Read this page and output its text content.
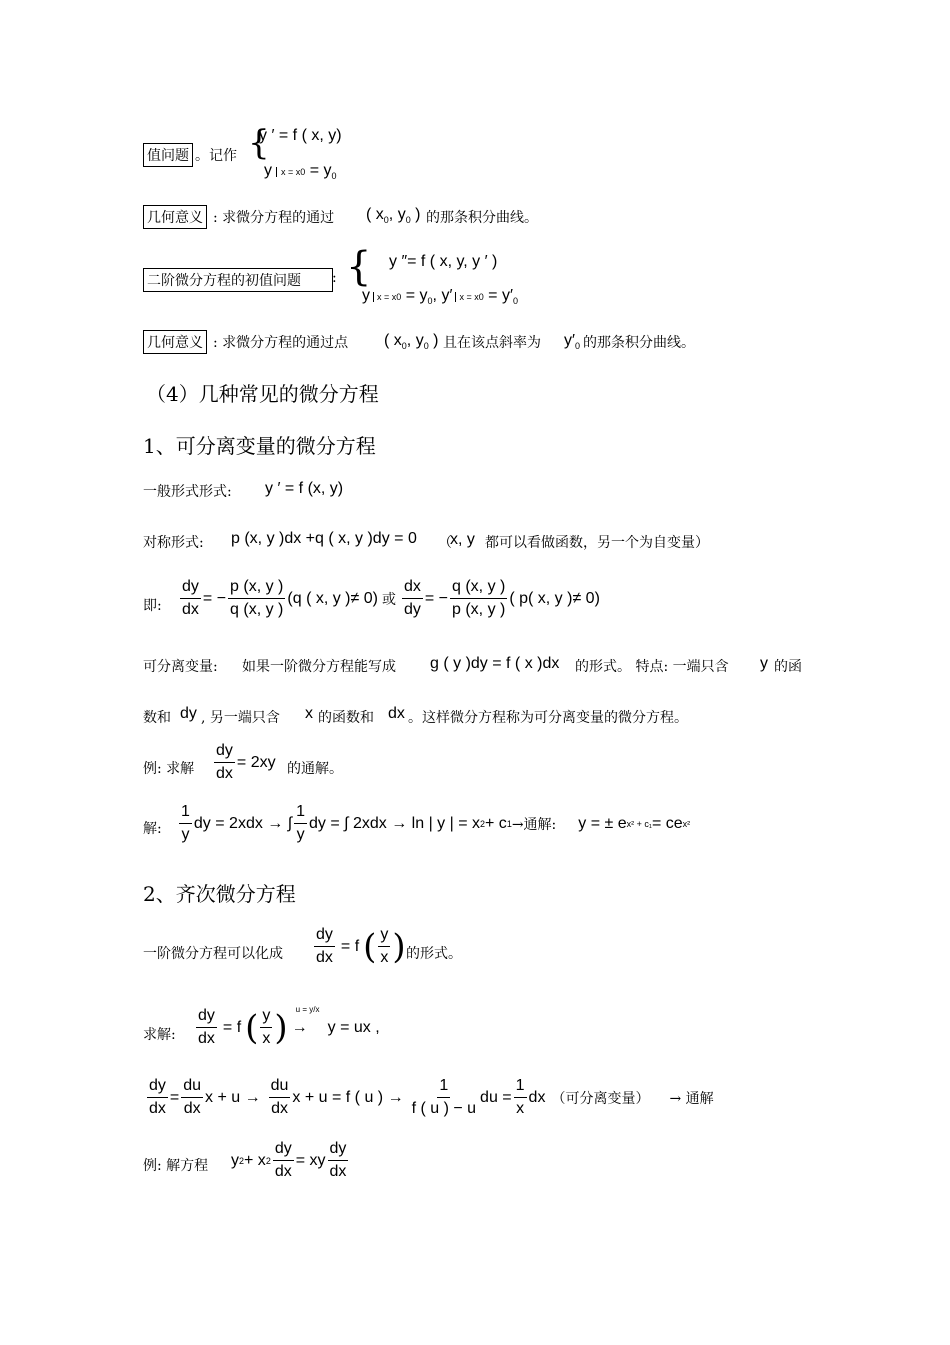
值问题 。记作 {
y ′ = f ( x, y)
y $x = x0 = y_0$
几何意义 : 求微分方程的通过 ( $x_0$, $y_0$ ) 的那条积分曲线。
二阶微分方程的初值问题	: { y ″= f ( x, y, y ′ )
yx = $x0 = y_0$, y′ $x = x0 = y'_0$
几何意义 : 求微分方程的通过点 ( $x_0$, $y_0$ ) 且在该点斜率为 $y'_0$ 的那条积分曲线。
（4）几种常见的微分方程
1、可分离变量的微分方程
一般形式形式: y ′ = f (x, y)
对称形式: p (x, y )dx +q ( x, y )dy = 0 （
x, y 都可以看做函数，另一个为自变量）
即: $\frac{dy}{dx}$ = − $\frac{p (x, y )}{q (x, y )} (q$ ( x, y )≠ 0) 或 $\frac{dx}{dy}$ = − $\frac{q (x, y )}{p (x, y )}$ ( p( x, y )≠ 0)
可分离变量: 如果一阶微分方程能写成 g ( y )dy = f ( x )dx 的形式。 特点: 一端只含 y 的函
数和 dy , 另一端只含 x 的函数和 dx 。这样微分方程称为可分离变量的微分方程。
例: 求解 $\frac{dy}{dx} = 2xy$ 的通解。
解: $\frac{1}{y}$ dy = 2xdx → ∫ $\frac{1}{y}$ dy = ∫ 2xdx → ln | y | = x 2 + c 1 →通解: y = ± e x² + c₁ = ce x²
2、齐次微分方程
一阶微分方程可以化成 $\frac{dy}{dx} = f$ ( $\frac{y}{x}$ ) 的形式。
求解: $\frac{dy}{dx} = f$ ( $\frac{y}{x}$ ) →
u = y/x
y = ux ,
$\frac{dy}{dx} = \frac{du}{dx}$ $x + u \to \frac{du}{dx}$ x + u = f ( u ) → $\frac{1}{f ( u ) - u}$ du = $\frac{1}{x}$ dx （可分离变量） → 通解
例: 解方程 y 2 + x $2 \frac{dy}{dx}$ = xy $\frac{dy}{dx}$
